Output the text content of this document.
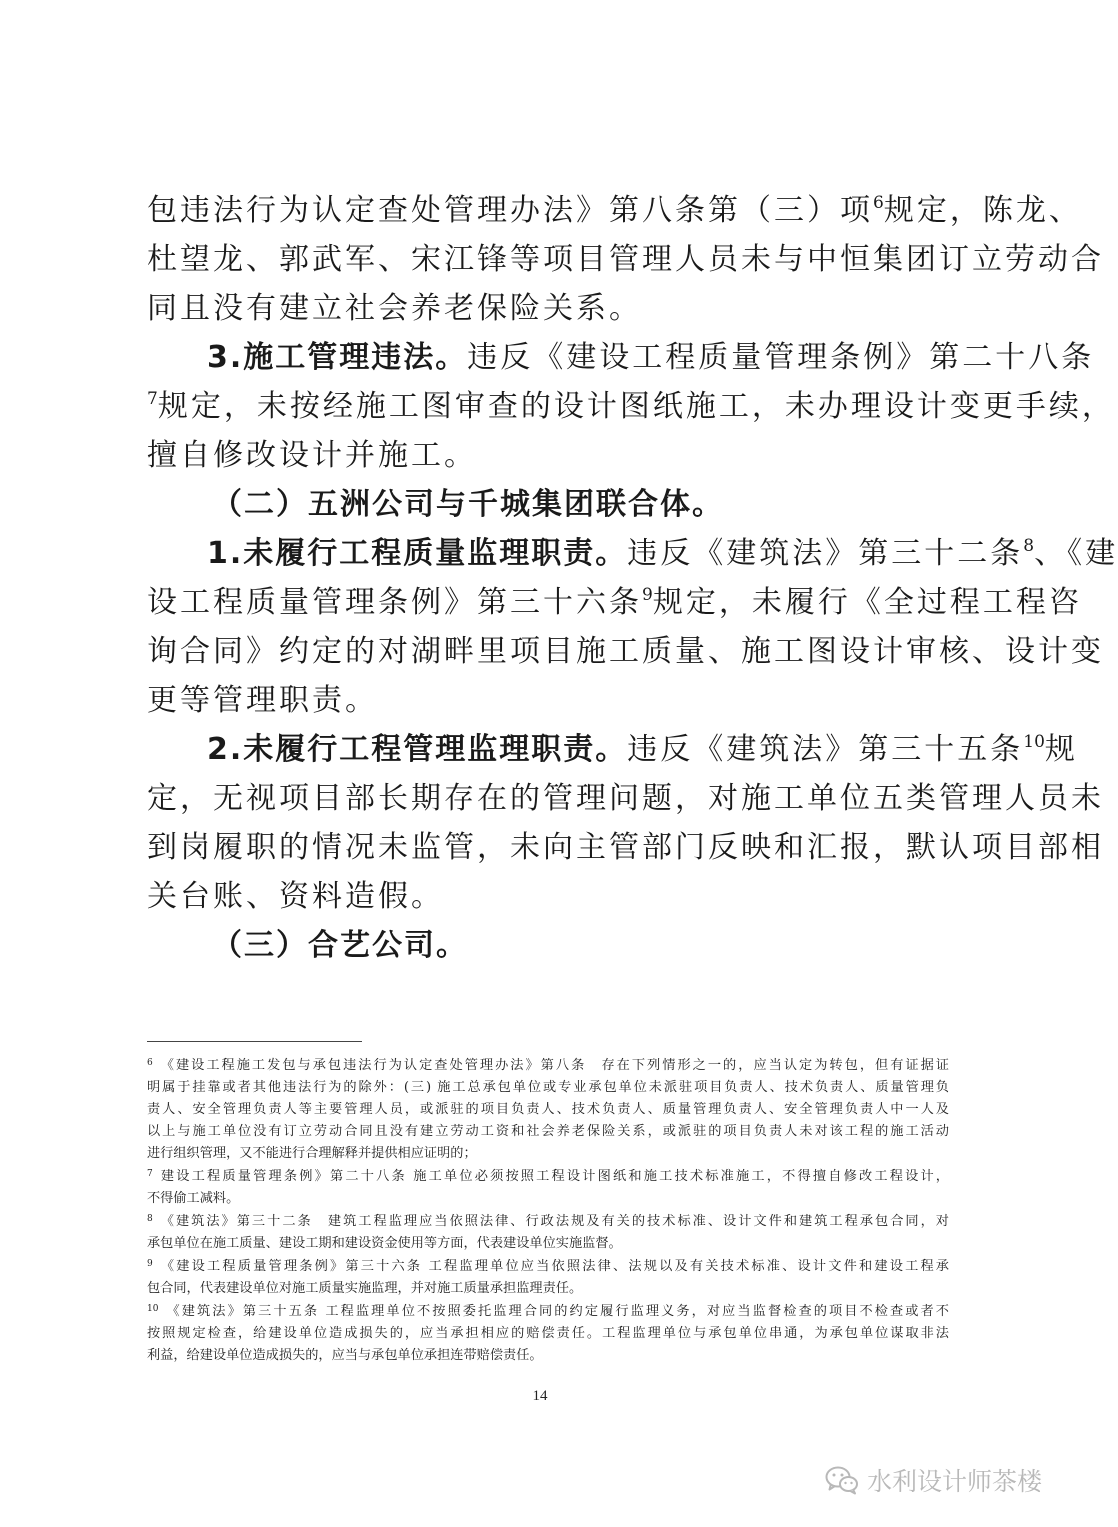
包违法行为认定查处管理办法》第八条第（三）项$^6$规定，陈龙、
杜望龙、郭武军、宋江锋等项目管理人员未与中恒集团订立劳动合
同且没有建立社会养老保险关系。
3.施工管理违法。违反《建设工程质量管理条例》第二十八条
$^7$规定，未按经施工图审查的设计图纸施工，未办理设计变更手续，
擅自修改设计并施工。
（二）五洲公司与千城集团联合体。
1.未履行工程质量监理职责。违反《建筑法》第三十二条$^8$、《建
设工程质量管理条例》第三十六条$^9$规定，未履行《全过程工程咨
询合同》约定的对湖畔里项目施工质量、施工图设计审核、设计变
更等管理职责。
2.未履行工程管理监理职责。违反《建筑法》第三十五条$^{10}$规
定，无视项目部长期存在的管理问题，对施工单位五类管理人员未
到岗履职的情况未监管，未向主管部门反映和汇报，默认项目部相
关台账、资料造假。
（三）合艺公司。
$^6$ 《建设工程施工发包与承包违法行为认定查处管理办法》第八条　存在下列情形之一的，应当认定为转包，但有证据证
明属于挂靠或者其他违法行为的除外：(三) 施工总承包单位或专业承包单位未派驻项目负责人、技术负责人、质量管理负
责人、安全管理负责人等主要管理人员，或派驻的项目负责人、技术负责人、质量管理负责人、安全管理负责人中一人及
以上与施工单位没有订立劳动合同且没有建立劳动工资和社会养老保险关系，或派驻的项目负责人未对该工程的施工活动
进行组织管理，又不能进行合理解释并提供相应证明的；
$^7$ 建设工程质量管理条例》第二十八条 施工单位必须按照工程设计图纸和施工技术标准施工，不得擅自修改工程设计，
不得偷工减料。
$^8$ 《建筑法》第三十二条　建筑工程监理应当依照法律、行政法规及有关的技术标准、设计文件和建筑工程承包合同，对
承包单位在施工质量、建设工期和建设资金使用等方面，代表建设单位实施监督。
$^9$ 《建设工程质量管理条例》第三十六条 工程监理单位应当依照法律、法规以及有关技术标准、设计文件和建设工程承
包合同，代表建设单位对施工质量实施监理，并对施工质量承担监理责任。
$^{10}$ 《建筑法》第三十五条 工程监理单位不按照委托监理合同的约定履行监理义务，对应当监督检查的项目不检查或者不
按照规定检查，给建设单位造成损失的，应当承担相应的赔偿责任。工程监理单位与承包单位串通，为承包单位谋取非法
利益，给建设单位造成损失的，应当与承包单位承担连带赔偿责任。
14
水利设计师茶楼
